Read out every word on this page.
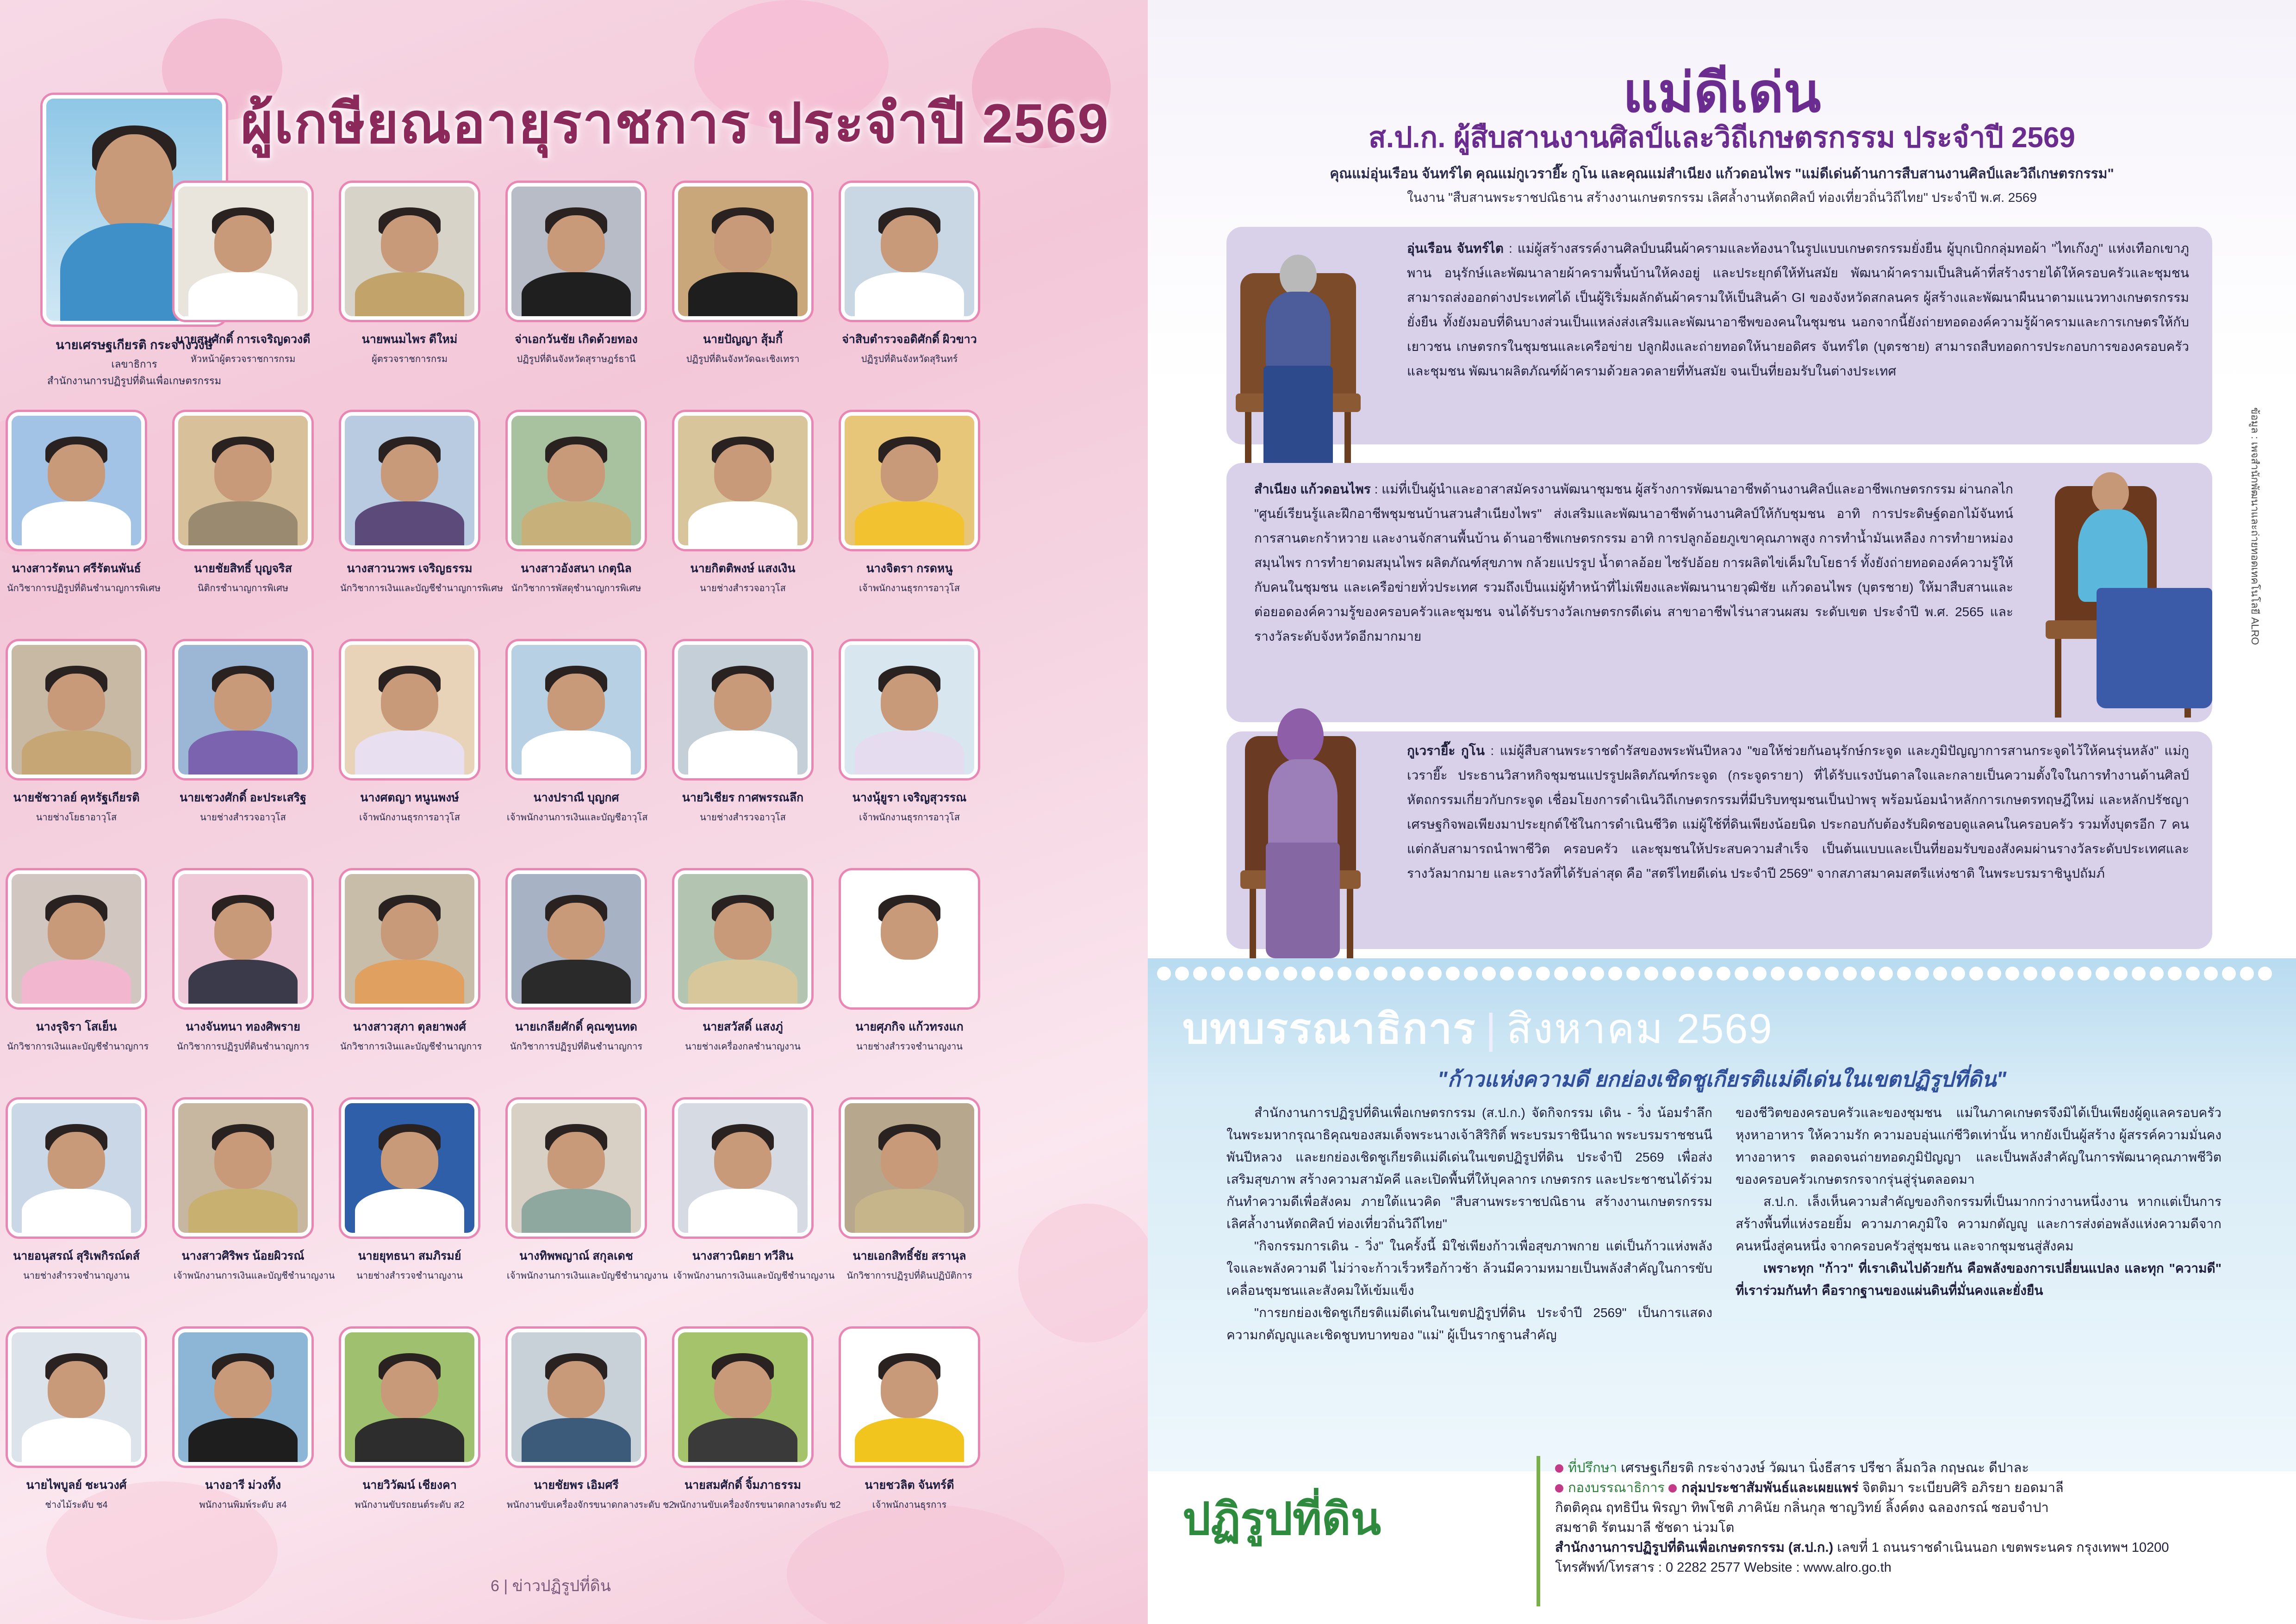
ผู้เกษียณอายุราชการ ประจำปี 2569
นายเศรษฐเกียรติ กระจ่างวงษ์
เลขาธิการ
สำนักงานการปฏิรูปที่ดินเพื่อเกษตรกรรม
นายสมศักดิ์ การเจริญดวงดี
หัวหน้าผู้ตรวจราชการกรม
นายพนมไพร ดีใหม่
ผู้ตรวจราชการกรม
จ่าเอกวันชัย เกิดด้วยทอง
ปฏิรูปที่ดินจังหวัดสุราษฎร์ธานี
นายปัญญา สุ้มกี้
ปฏิรูปที่ดินจังหวัดฉะเชิงเทรา
จ่าสิบตำรวจอดิศักดิ์ ผิวขาว
ปฏิรูปที่ดินจังหวัดสุรินทร์
นางสาวรัตนา ศรีรัตนพันธ์
นักวิชาการปฏิรูปที่ดินชำนาญการพิเศษ
นายชัยสิทธิ์ บุญจริส
นิติกรชำนาญการพิเศษ
นางสาวนวพร เจริญธรรม
นักวิชาการเงินและบัญชีชำนาญการพิเศษ
นางสาวอังสนา เกตุนิล
นักวิชาการพัสดุชำนาญการพิเศษ
นายกิตติพงษ์ แสงเงิน
นายช่างสำรวจอาวุโส
นางจิตรา กรดหนู
เจ้าพนักงานธุรการอาวุโส
นายชัชวาลย์ คุหรัฐเกียรติ
นายช่างโยธาอาวุโส
นายเชวงศักดิ์ อะประเสริฐ
นายช่างสำรวจอาวุโส
นางศตญา หนูนพงษ์
เจ้าพนักงานธุรการอาวุโส
นางปราณี บุญกศ
เจ้าพนักงานการเงินและบัญชีอาวุโส
นายวิเชียร กาศพรรณลึก
นายช่างสำรวจอาวุโส
นางนุ้ยูรา เจริญสุวรรณ
เจ้าพนักงานธุรการอาวุโส
นางรุจิรา โสเย็น
นักวิชาการเงินและบัญชีชำนาญการ
นางจันทนา ทองศิพราย
นักวิชาการปฏิรูปที่ดินชำนาญการ
นางสาวสุภา ตุลยาพงศ์
นักวิชาการเงินและบัญชีชำนาญการ
นายเกลียศักดิ์ คุณฑูนทด
นักวิชาการปฏิรูปที่ดินชำนาญการ
นายสวัสดิ์ แสงภู่
นายช่างเครื่องกลชำนาญงาน
นายศุภกิจ แก้วทรงแก
นายช่างสำรวจชำนาญงาน
นายอนุสรณ์ สุริเพกิรณ์ดส์
นายช่างสำรวจชำนาญงาน
นางสาวศิริพร น้อยผิวรณ์
เจ้าพนักงานการเงินและบัญชีชำนาญงาน
นายยุทธนา สมภิรมย์
นายช่างสำรวจชำนาญงาน
นางทิพพญาณ์ สกุลเดช
เจ้าพนักงานการเงินและบัญชีชำนาญงาน
นางสาวนิตยา ทวีสิน
เจ้าพนักงานการเงินและบัญชีชำนาญงาน
นายเอกสิทธิ์ชัย สรานุล
นักวิชาการปฏิรูปที่ดินปฏิบัติการ
นายไพบูลย์ ชะนวงศ์
ช่างไม้ระดับ ช4
นางอารี ม่วงทิ้ง
พนักงานพิมพ์ระดับ ส4
นายวิวัฒน์ เชียงคา
พนักงานขับรถยนต์ระดับ ส2
นายชัยพร เอิมศรี
พนักงานขับเครื่องจักรขนาดกลางระดับ ช2
นายสมศักดิ์ จิ้มภาธรรม
พนักงานขับเครื่องจักรขนาดกลางระดับ ช2
นายชวลิต จันทร์ดี
เจ้าพนักงานธุรการ
6 | ข่าวปฏิรูปที่ดิน
แม่ดีเด่น
ส.ป.ก. ผู้สืบสานงานศิลป์และวิถีเกษตรกรรม ประจำปี 2569
คุณแม่อุ่นเรือน จันทร์ไต คุณแม่กูเวรายี๊ะ กูโน และคุณแม่สำเนียง แก้วดอนไพร "แม่ดีเด่นด้านการสืบสานงานศิลป์และวิถีเกษตรกรรม"
ในงาน "สืบสานพระราชปณิธาน สร้างงานเกษตรกรรม เลิศล้ำงานหัตถศิลป์ ท่องเที่ยวถิ่นวิถีไทย" ประจำปี พ.ศ. 2569
อุ่นเรือน จันทร์ไต : แม่ผู้สร้างสรรค์งานศิลป์บนผืนผ้าครามและท้องนาในรูปแบบเกษตรกรรมยั่งยืน ผู้บุกเบิกกลุ่มทอผ้า "ไทเก๊งภู" แห่งเทือกเขาภูพาน อนุรักษ์และพัฒนาลายผ้าครามพื้นบ้านให้คงอยู่ และประยุกต์ให้ทันสมัย พัฒนาผ้าครามเป็นสินค้าที่สร้างรายได้ให้ครอบครัวและชุมชน สามารถส่งออกต่างประเทศได้ เป็นผู้ริเริ่มผลักดันผ้าครามให้เป็นสินค้า GI ของจังหวัดสกลนคร ผู้สร้างและพัฒนาผืนนาตามแนวทางเกษตรกรรมยั่งยืน ทั้งยังมอบที่ดินบางส่วนเป็นแหล่งส่งเสริมและพัฒนาอาชีพของคนในชุมชน นอกจากนี้ยังถ่ายทอดองค์ความรู้ผ้าครามและการเกษตรให้กับเยาวชน เกษตรกรในชุมชนและเครือข่าย ปลูกฝังและถ่ายทอดให้นายอดิศร จันทร์ไต (บุตรชาย) สามารถสืบทอดการประกอบการของครอบครัวและชุมชน พัฒนาผลิตภัณฑ์ผ้าครามด้วยลวดลายที่ทันสมัย จนเป็นที่ยอมรับในต่างประเทศ
สำเนียง แก้วดอนไพร : แม่ที่เป็นผู้นำและอาสาสมัครงานพัฒนาชุมชน ผู้สร้างการพัฒนาอาชีพด้านงานศิลป์และอาชีพเกษตรกรรม ผ่านกลไก "ศูนย์เรียนรู้และฝึกอาชีพชุมชนบ้านสวนสำเนียงไพร" ส่งเสริมและพัฒนาอาชีพด้านงานศิลป์ให้กับชุมชน อาทิ การประดิษฐ์ดอกไม้จันทน์ การสานตะกร้าหวาย และงานจักสานพื้นบ้าน ด้านอาชีพเกษตรกรรม อาทิ การปลูกอ้อยภูเขาคุณภาพสูง การทำน้ำมันเหลือง การทำยาหม่องสมุนไพร การทำยาดมสมุนไพร ผลิตภัณฑ์สุขภาพ กล้วยแปรรูป น้ำตาลอ้อย ไซรัปอ้อย การผลิตไข่เค็มใบโยธาร์ ทั้งยังถ่ายทอดองค์ความรู้ให้กับคนในชุมชน และเครือข่ายทั่วประเทศ รวมถึงเป็นแม่ผู้ทำหน้าที่ไม่เพียงและพัฒนานายวุฒิชัย แก้วดอนไพร (บุตรชาย) ให้มาสืบสานและต่อยอดองค์ความรู้ของครอบครัวและชุมชน จนได้รับรางวัลเกษตรกรดีเด่น สาขาอาชีพไร่นาสวนผสม ระดับเขต ประจำปี พ.ศ. 2565 และรางวัลระดับจังหวัดอีกมากมาย
กูเวรายี๊ะ กูโน : แม่ผู้สืบสานพระราชดำรัสของพระพันปีหลวง "ขอให้ช่วยกันอนุรักษ์กระจูด และภูมิปัญญาการสานกระจูดไว้ให้คนรุ่นหลัง" แม่กูเวรายี๊ะ ประธานวิสาหกิจชุมชนแปรรูปผลิตภัณฑ์กระจูด (กระจูดรายา) ที่ได้รับแรงบันดาลใจและกลายเป็นความตั้งใจในการทำงานด้านศิลป์หัตถกรรมเกี่ยวกับกระจูด เชื่อมโยงการดำเนินวิถีเกษตรกรรมที่มีบริบทชุมชนเป็นป่าพรุ พร้อมน้อมนำหลักการเกษตรทฤษฎีใหม่ และหลักปรัชญาเศรษฐกิจพอเพียงมาประยุกต์ใช้ในการดำเนินชีวิต แม่ผู้ใช้ที่ดินเพียงน้อยนิด ประกอบกับต้องรับผิดชอบดูแลคนในครอบครัว รวมทั้งบุตรอีก 7 คน แต่กลับสามารถนำพาชีวิต ครอบครัว และชุมชนให้ประสบความสำเร็จ เป็นต้นแบบและเป็นที่ยอมรับของสังคมผ่านรางวัลระดับประเทศและรางวัลมากมาย และรางวัลที่ได้รับล่าสุด คือ "สตรีไทยดีเด่น ประจำปี 2569" จากสภาสมาคมสตรีแห่งชาติ ในพระบรมราชินูปถัมภ์
ข้อมูล : เพจสำนักพัฒนาและถ่ายทอดเทคโนโลยี ALRO
บทบรรณาธิการ | สิงหาคม 2569
"ก้าวแห่งความดี ยกย่องเชิดชูเกียรติแม่ดีเด่นในเขตปฏิรูปที่ดิน"

สำนักงานการปฏิรูปที่ดินเพื่อเกษตรกรรม (ส.ป.ก.) จัดกิจกรรม เดิน - วิ่ง น้อมรำลึกในพระมหากรุณาธิคุณของสมเด็จพระนางเจ้าสิริกิติ์ พระบรมราชินีนาถ พระบรมราชชนนีพันปีหลวง และยกย่องเชิดชูเกียรติแม่ดีเด่นในเขตปฏิรูปที่ดิน ประจำปี 2569 เพื่อส่งเสริมสุขภาพ สร้างความสามัคคี และเปิดพื้นที่ให้บุคลากร เกษตรกร และประชาชนได้ร่วมกันทำความดีเพื่อสังคม ภายใต้แนวคิด "สืบสานพระราชปณิธาน สร้างงานเกษตรกรรม เลิศล้ำงานหัตถศิลป์ ท่องเที่ยวถิ่นวิถีไทย"

"กิจกรรมการเดิน - วิ่ง" ในครั้งนี้ มิใช่เพียงก้าวเพื่อสุขภาพกาย แต่เป็นก้าวแห่งพลังใจและพลังความดี ไม่ว่าจะก้าวเร็วหรือก้าวช้า ล้วนมีความหมายเป็นพลังสำคัญในการขับเคลื่อนชุมชนและสังคมให้เข้มแข็ง

"การยกย่องเชิดชูเกียรติแม่ดีเด่นในเขตปฏิรูปที่ดิน ประจำปี 2569" เป็นการแสดงความกตัญญูและเชิดชูบทบาทของ "แม่" ผู้เป็นรากฐานสำคัญ

ของชีวิตของครอบครัวและของชุมชน แม่ในภาคเกษตรจึงมิได้เป็นเพียงผู้ดูแลครอบครัว หุงหาอาหาร ให้ความรัก ความอบอุ่นแก่ชีวิตเท่านั้น หากยังเป็นผู้สร้าง ผู้สรรค์ความมั่นคงทางอาหาร ตลอดจนถ่ายทอดภูมิปัญญา และเป็นพลังสำคัญในการพัฒนาคุณภาพชีวิตของครอบครัวเกษตรกรจากรุ่นสู่รุ่นตลอดมา

ส.ป.ก. เล็งเห็นความสำคัญของกิจกรรมที่เป็นมากกว่างานหนึ่งงาน หากแต่เป็นการสร้างพื้นที่แห่งรอยยิ้ม ความภาคภูมิใจ ความกตัญญู และการส่งต่อพลังแห่งความดีจากคนหนึ่งสู่คนหนึ่ง จากครอบครัวสู่ชุมชน และจากชุมชนสู่สังคม

เพราะทุก "ก้าว" ที่เราเดินไปด้วยกัน คือพลังของการเปลี่ยนแปลง และทุก "ความดี" ที่เราร่วมกันทำ คือรากฐานของแผ่นดินที่มั่นคงและยั่งยืน

ปฏิรูปที่ดิน
ที่ปรึกษา เศรษฐเกียรติ กระจ่างวงษ์ วัฒนา นิ่งธีสาร ปรีชา ลิ้มถวิล กฤษณะ ดีปาละ
กองบรรณาธิการ กลุ่มประชาสัมพันธ์และเผยแพร่ จิตติมา ระเบียบศิริ อภิรยา ยอดมาลี
กิตติคุณ ฤทธิบีน พิรญา ทิพโชติ ภาคินัย กลิ่นกุล ชาญวิทย์ ลิ้งค์ตง ฉลองกรณ์ ซอบจำปา
สมชาติ รัตนมาลี ชัชดา น่วมโต
สำนักงานการปฏิรูปที่ดินเพื่อเกษตรกรรม (ส.ป.ก.) เลขที่ 1 ถนนราชดำเนินนอก เขตพระนคร กรุงเทพฯ 10200
โทรศัพท์/โทรสาร : 0 2282 2577 Website : www.alro.go.th
